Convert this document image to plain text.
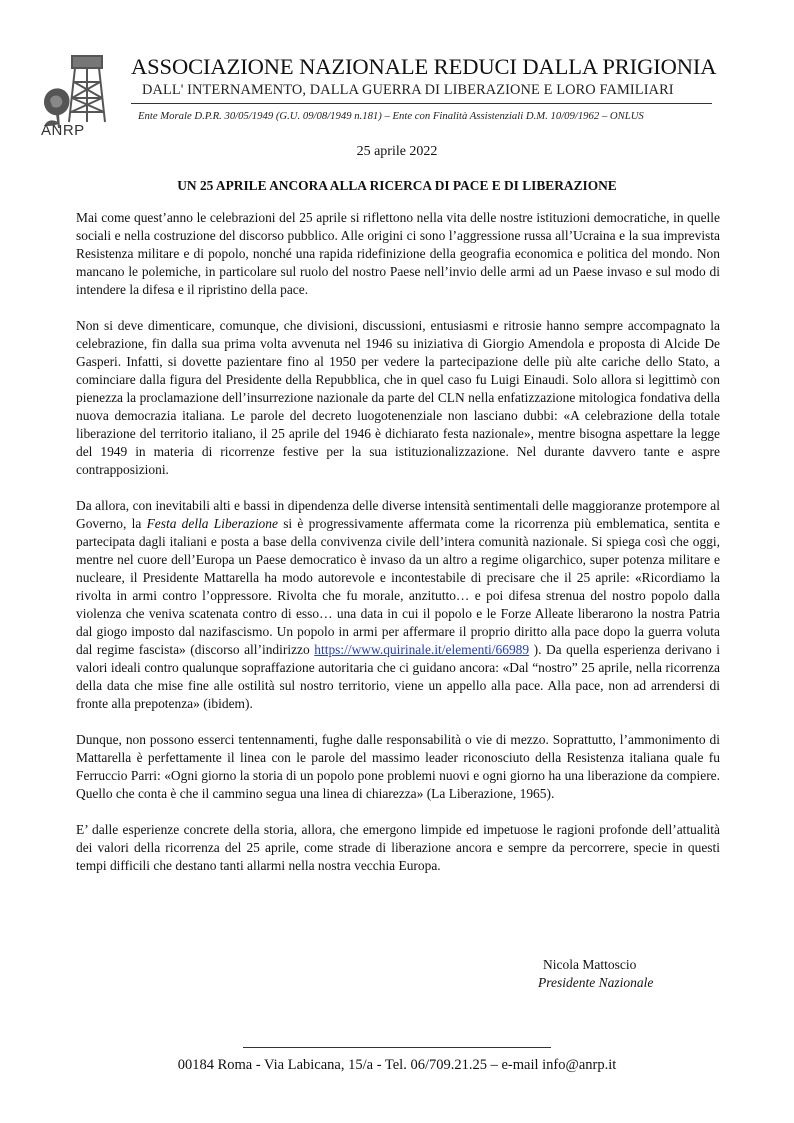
ANRP
ASSOCIAZIONE NAZIONALE REDUCI DALLA PRIGIONIA
DALL' INTERNAMENTO, DALLA GUERRA DI LIBERAZIONE E LORO FAMILIARI
Ente Morale D.P.R. 30/05/1949 (G.U. 09/08/1949 n.181) – Ente con Finalità Assistenziali D.M. 10/09/1962 – ONLUS
25 aprile 2022
UN 25 APRILE ANCORA ALLA RICERCA DI PACE E DI LIBERAZIONE

Mai come quest’anno le celebrazioni del 25 aprile si riflettono nella vita delle nostre istituzioni democratiche, in quelle sociali e nella costruzione del discorso pubblico. Alle origini ci sono l’aggressione russa all’Ucraina e la sua imprevista Resistenza militare e di popolo, nonché una rapida ridefinizione della geografia economica e politica del mondo. Non mancano le polemiche, in particolare sul ruolo del nostro Paese nell’invio delle armi ad un Paese invaso e sul modo di intendere la difesa e il ripristino della pace.

Non si deve dimenticare, comunque, che divisioni, discussioni, entusiasmi e ritrosie hanno sempre accompagnato la celebrazione, fin dalla sua prima volta avvenuta nel 1946 su iniziativa di Giorgio Amendola e proposta di Alcide De Gasperi. Infatti, si dovette pazientare fino al 1950 per vedere la partecipazione delle più alte cariche dello Stato, a cominciare dalla figura del Presidente della Repubblica, che in quel caso fu Luigi Einaudi. Solo allora si legittimò con pienezza la proclamazione dell’insurrezione nazionale da parte del CLN nella enfatizzazione mitologica fondativa della nuova democrazia italiana. Le parole del decreto luogotenenziale non lasciano dubbi: «A celebrazione della totale liberazione del territorio italiano, il 25 aprile del 1946 è dichiarato festa nazionale», mentre bisogna aspettare la legge del 1949 in materia di ricorrenze festive per la sua istituzionalizzazione. Nel durante davvero tante e aspre contrapposizioni.

Da allora, con inevitabili alti e bassi in dipendenza delle diverse intensità sentimentali delle maggioranze protempore al Governo, la Festa della Liberazione si è progressivamente affermata come la ricorrenza più emblematica, sentita e partecipata dagli italiani e posta a base della convivenza civile dell’intera comunità nazionale. Si spiega così che oggi, mentre nel cuore dell’Europa un Paese democratico è invaso da un altro a regime oligarchico, super potenza militare e nucleare, il Presidente Mattarella ha modo autorevole e incontestabile di precisare che il 25 aprile: «Ricordiamo la rivolta in armi contro l’oppressore. Rivolta che fu morale, anzitutto… e poi difesa strenua del nostro popolo dalla violenza che veniva scatenata contro di esso… una data in cui il popolo e le Forze Alleate liberarono la nostra Patria dal giogo imposto dal nazifascismo. Un popolo in armi per affermare il proprio diritto alla pace dopo la guerra voluta dal regime fascista» (discorso all’indirizzo https://www.quirinale.it/elementi/66989 ). Da quella esperienza derivano i valori ideali contro qualunque sopraffazione autoritaria che ci guidano ancora: «Dal “nostro” 25 aprile, nella ricorrenza della data che mise fine alle ostilità sul nostro territorio, viene un appello alla pace. Alla pace, non ad arrendersi di fronte alla prepotenza» (ibidem).

Dunque, non possono esserci tentennamenti, fughe dalle responsabilità o vie di mezzo. Soprattutto, l’ammonimento di Mattarella è perfettamente il linea con le parole del massimo leader riconosciuto della Resistenza italiana quale fu Ferruccio Parri: «Ogni giorno la storia di un popolo pone problemi nuovi e ogni giorno ha una liberazione da compiere. Quello che conta è che il cammino segua una linea di chiarezza» (La Liberazione, 1965).

E’ dalle esperienze concrete della storia, allora, che emergono limpide ed impetuose le ragioni profonde dell’attualità dei valori della ricorrenza del 25 aprile, come strade di liberazione ancora e sempre da percorrere, specie in questi tempi difficili che destano tanti allarmi nella nostra vecchia Europa.

Nicola Mattoscio
Presidente Nazionale
00184 Roma - Via Labicana, 15/a - Tel. 06/709.21.25 – e-mail info@anrp.it
